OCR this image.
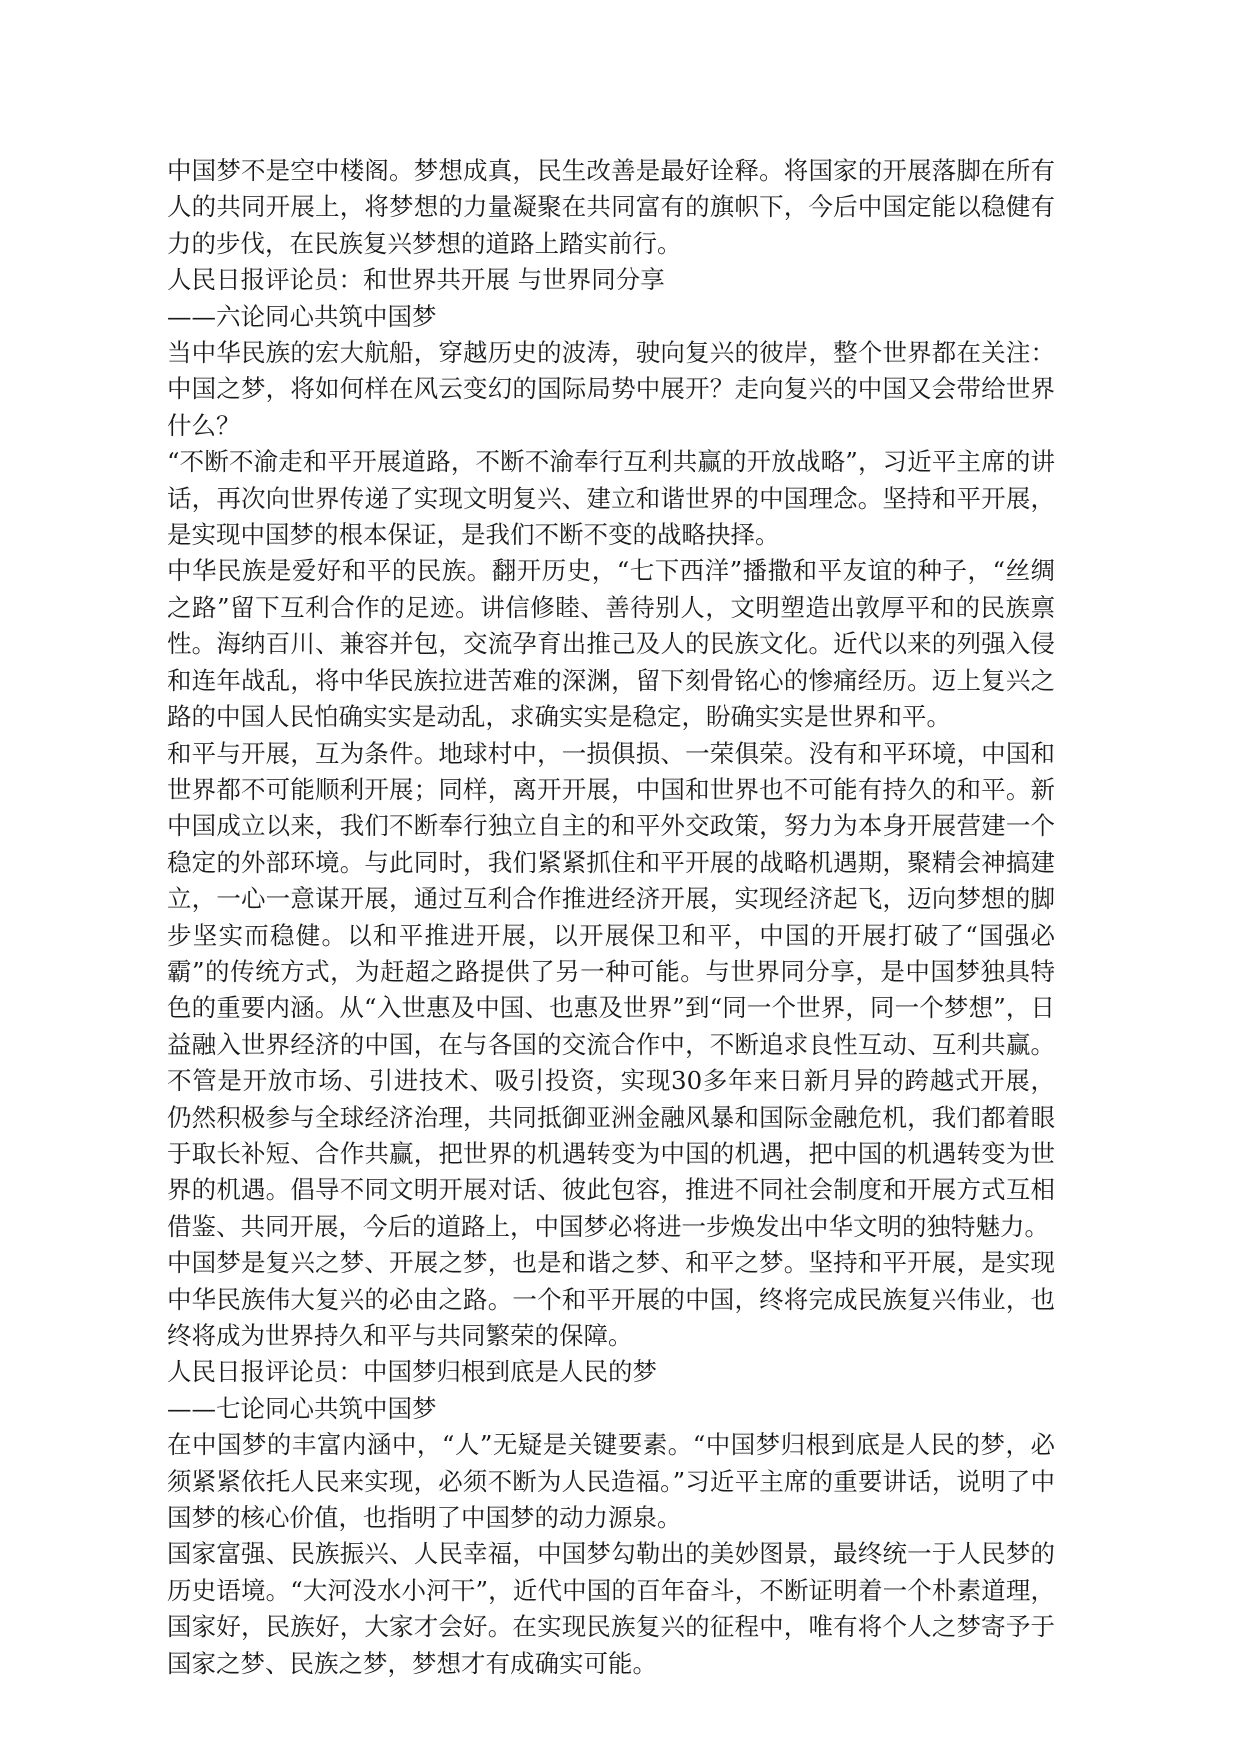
中国梦不是空中楼阁。梦想成真，民生改善是最好诠释。将国家的开展落脚在所有人的共同开展上，将梦想的力量凝聚在共同富有的旗帜下，今后中国定能以稳健有力的步伐，在民族复兴梦想的道路上踏实前行。

人民日报评论员：和世界共开展 与世界同分享

——六论同心共筑中国梦

当中华民族的宏大航船，穿越历史的波涛，驶向复兴的彼岸，整个世界都在关注：中国之梦，将如何样在风云变幻的国际局势中展开？走向复兴的中国又会带给世界什么？

“不断不渝走和平开展道路，不断不渝奉行互利共赢的开放战略”，习近平主席的讲话，再次向世界传递了实现文明复兴、建立和谐世界的中国理念。坚持和平开展，是实现中国梦的根本保证，是我们不断不变的战略抉择。

中华民族是爱好和平的民族。翻开历史，“七下西洋”播撒和平友谊的种子，“丝绸之路”留下互利合作的足迹。讲信修睦、善待别人，文明塑造出敦厚平和的民族禀性。海纳百川、兼容并包，交流孕育出推己及人的民族文化。近代以来的列强入侵和连年战乱，将中华民族拉进苦难的深渊，留下刻骨铭心的惨痛经历。迈上复兴之路的中国人民怕确实实是动乱，求确实实是稳定，盼确实实是世界和平。

和平与开展，互为条件。地球村中，一损俱损、一荣俱荣。没有和平环境，中国和世界都不可能顺利开展；同样，离开开展，中国和世界也不可能有持久的和平。新中国成立以来，我们不断奉行独立自主的和平外交政策，努力为本身开展营建一个稳定的外部环境。与此同时，我们紧紧抓住和平开展的战略机遇期，聚精会神搞建立，一心一意谋开展，通过互利合作推进经济开展，实现经济起飞，迈向梦想的脚步坚实而稳健。以和平推进开展，以开展保卫和平，中国的开展打破了“国强必霸”的传统方式，为赶超之路提供了另一种可能。与世界同分享，是中国梦独具特色的重要内涵。从“入世惠及中国、也惠及世界”到“同一个世界，同一个梦想”，日益融入世界经济的中国，在与各国的交流合作中，不断追求良性互动、互利共赢。不管是开放市场、引进技术、吸引投资，实现30多年来日新月异的跨越式开展，仍然积极参与全球经济治理，共同抵御亚洲金融风暴和国际金融危机，我们都着眼于取长补短、合作共赢，把世界的机遇转变为中国的机遇，把中国的机遇转变为世界的机遇。倡导不同文明开展对话、彼此包容，推进不同社会制度和开展方式互相借鉴、共同开展，今后的道路上，中国梦必将进一步焕发出中华文明的独特魅力。

中国梦是复兴之梦、开展之梦，也是和谐之梦、和平之梦。坚持和平开展，是实现中华民族伟大复兴的必由之路。一个和平开展的中国，终将完成民族复兴伟业，也终将成为世界持久和平与共同繁荣的保障。

人民日报评论员：中国梦归根到底是人民的梦

——七论同心共筑中国梦

在中国梦的丰富内涵中，“人”无疑是关键要素。“中国梦归根到底是人民的梦，必须紧紧依托人民来实现，必须不断为人民造福。”习近平主席的重要讲话，说明了中国梦的核心价值，也指明了中国梦的动力源泉。

国家富强、民族振兴、人民幸福，中国梦勾勒出的美妙图景，最终统一于人民梦的历史语境。“大河没水小河干”，近代中国的百年奋斗，不断证明着一个朴素道理，国家好，民族好，大家才会好。在实现民族复兴的征程中，唯有将个人之梦寄予于国家之梦、民族之梦，梦想才有成确实可能。
